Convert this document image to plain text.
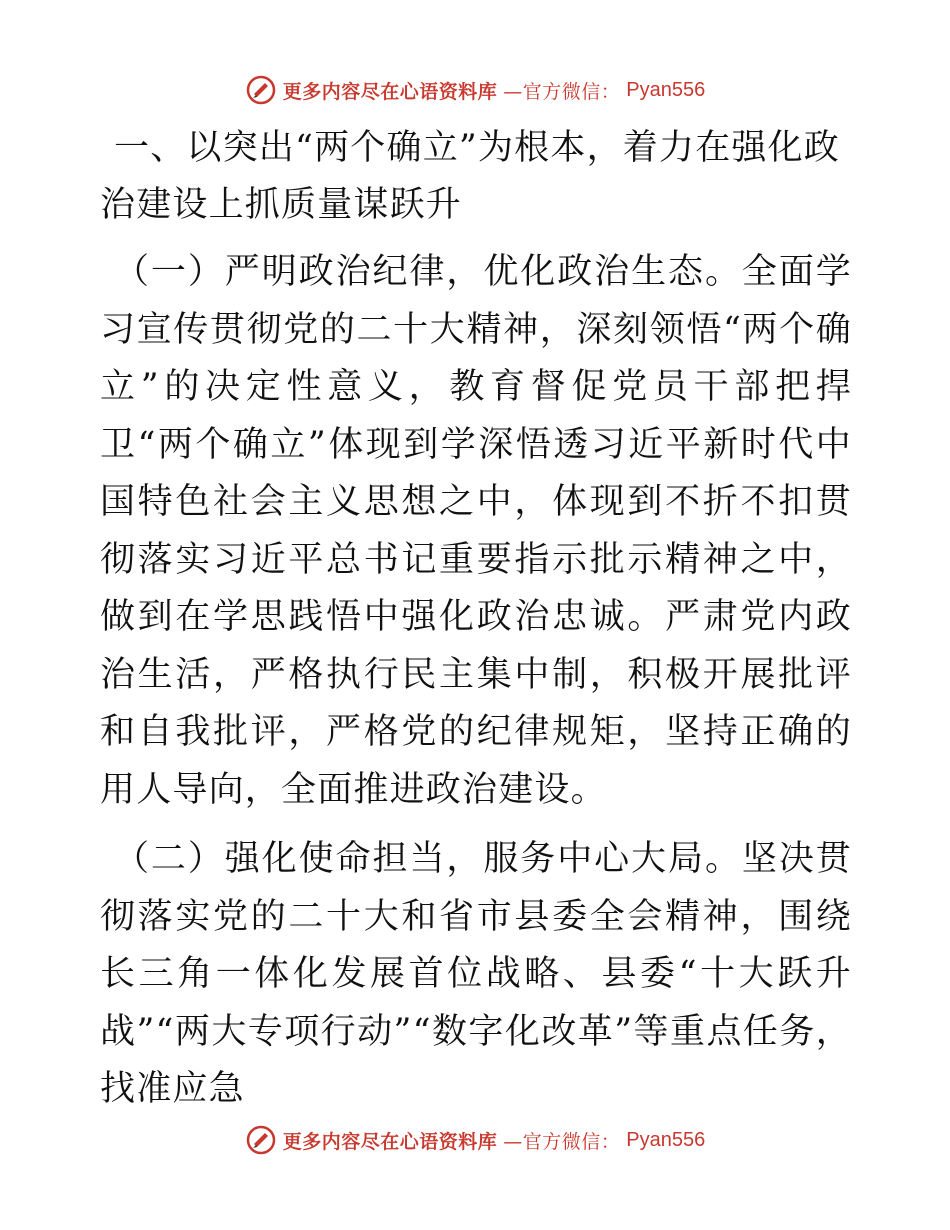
更多内容尽在心语资料库 —官方微信： Pyan556

一、以突出“两个确立”为根本，着力在强化政治建设上抓质量谋跃升

（一）严明政治纪律，优化政治生态。全面学习宣传贯彻党的二十大精神，深刻领悟“两个确立”的决定性意义，教育督促党员干部把捍卫“两个确立”体现到学深悟透习近平新时代中国特色社会主义思想之中，体现到不折不扣贯彻落实习近平总书记重要指示批示精神之中，做到在学思践悟中强化政治忠诚。严肃党内政治生活，严格执行民主集中制，积极开展批评和自我批评，严格党的纪律规矩，坚持正确的用人导向，全面推进政治建设。

（二）强化使命担当，服务中心大局。坚决贯彻落实党的二十大和省市县委全会精神，围绕长三角一体化发展首位战略、县委“十大跃升战”“两大专项行动”“数字化改革”等重点任务，找准应急

更多内容尽在心语资料库 —官方微信： Pyan556
